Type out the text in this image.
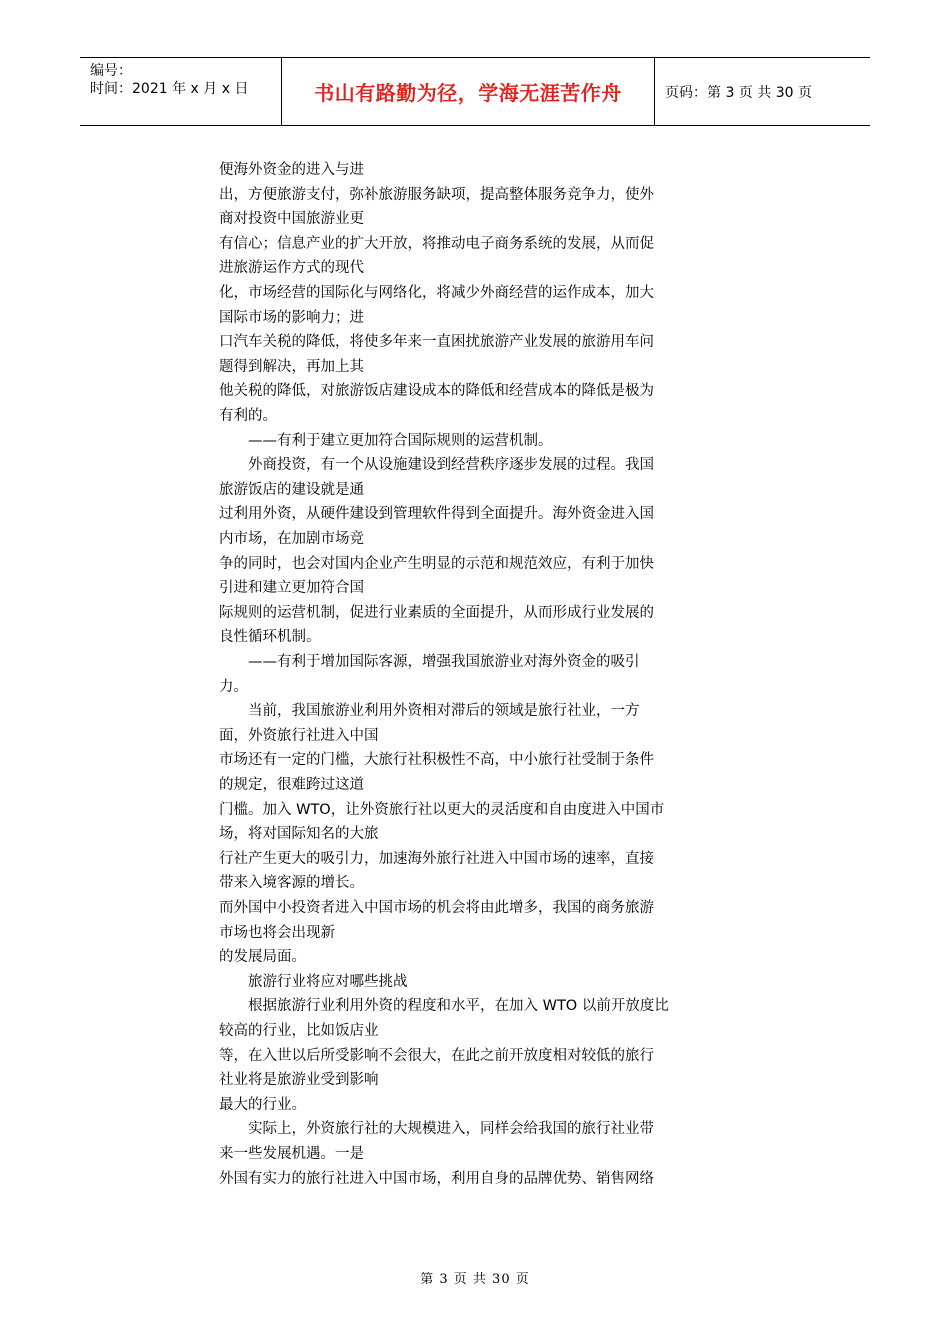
编号：
时间：2021 年 x 月 x 日	书山有路勤为径，学海无涯苦作舟	页码：第 3 页 共 30 页
便海外资金的进入与进
出，方便旅游支付，弥补旅游服务缺项，提高整体服务竞争力，使外
商对投资中国旅游业更
有信心；信息产业的扩大开放，将推动电子商务系统的发展，从而促
进旅游运作方式的现代
化，市场经营的国际化与网络化，将减少外商经营的运作成本，加大
国际市场的影响力；进
口汽车关税的降低，将使多年来一直困扰旅游产业发展的旅游用车问
题得到解决，再加上其
他关税的降低，对旅游饭店建设成本的降低和经营成本的降低是极为
有利的。
——有利于建立更加符合国际规则的运营机制。
外商投资，有一个从设施建设到经营秩序逐步发展的过程。我国
旅游饭店的建设就是通
过利用外资，从硬件建设到管理软件得到全面提升。海外资金进入国
内市场，在加剧市场竞
争的同时，也会对国内企业产生明显的示范和规范效应，有利于加快
引进和建立更加符合国
际规则的运营机制，促进行业素质的全面提升，从而形成行业发展的
良性循环机制。
——有利于增加国际客源，增强我国旅游业对海外资金的吸引
力。
当前，我国旅游业利用外资相对滞后的领域是旅行社业，一方
面，外资旅行社进入中国
市场还有一定的门槛，大旅行社积极性不高，中小旅行社受制于条件
的规定，很难跨过这道
门槛。加入 WTO，让外资旅行社以更大的灵活度和自由度进入中国市
场，将对国际知名的大旅
行社产生更大的吸引力，加速海外旅行社进入中国市场的速率，直接
带来入境客源的增长。
而外国中小投资者进入中国市场的机会将由此增多，我国的商务旅游
市场也将会出现新
的发展局面。
旅游行业将应对哪些挑战
根据旅游行业利用外资的程度和水平，在加入 WTO 以前开放度比
较高的行业，比如饭店业
等，在入世以后所受影响不会很大，在此之前开放度相对较低的旅行
社业将是旅游业受到影响
最大的行业。
实际上，外资旅行社的大规模进入，同样会给我国的旅行社业带
来一些发展机遇。一是
外国有实力的旅行社进入中国市场，利用自身的品牌优势、销售网络
第 3 页 共 30 页
